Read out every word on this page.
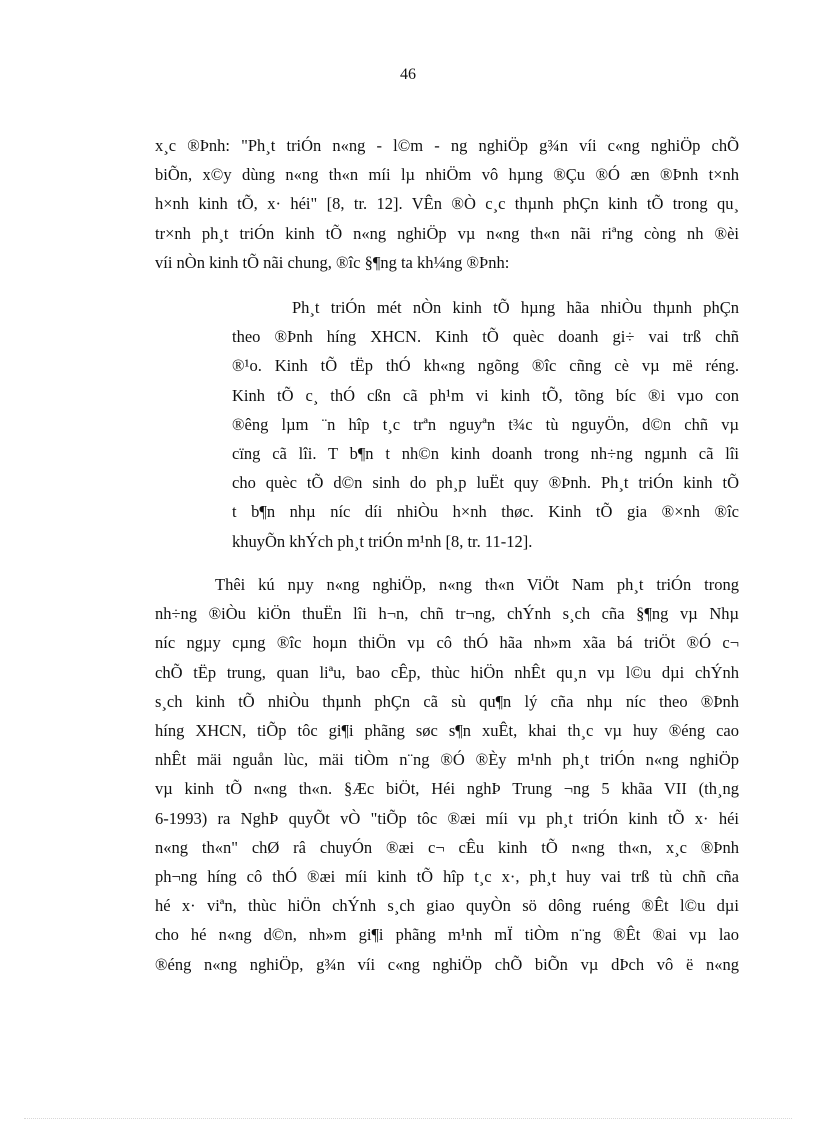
46
x¸c ®Þnh: "Ph¸t triÓn n«ng - l©m - ng nghiÖp g¾n víi c«ng nghiÖp chÕ
biÕn, x©y dùng n«ng th«n míi lµ nhiÖm vô hµng ®Çu ®Ó æn ®Þnh t×nh
h×nh kinh tÕ, x· héi" [8, tr. 12]. VÊn ®Ò c¸c thµnh phÇn kinh tÕ trong qu¸
tr×nh ph¸t triÓn kinh tÕ n«ng nghiÖp vµ n«ng th«n nãi riªng còng nh ®èi
víi nÒn kinh tÕ nãi chung, ®îc §¶ng ta kh¼ng ®Þnh:
Ph¸t triÓn mét nÒn kinh tÕ hµng hãa nhiÒu thµnh phÇn
theo ®Þnh híng XHCN. Kinh tÕ quèc doanh gi÷ vai trß chñ
®¹o. Kinh tÕ tËp thÓ kh«ng ngõng ®îc cñng cè vµ më réng.
Kinh tÕ c¸ thÓ cßn cã ph¹m vi kinh tÕ, tõng bíc ®i vµo con
®êng lµm ¨n hîp t¸c trªn nguyªn t¾c tù nguyÖn, d©n chñ vµ
cïng cã lîi. T b¶n t nh©n kinh doanh trong nh÷ng ngµnh cã lîi
cho quèc tÕ d©n sinh do ph¸p luËt quy ®Þnh. Ph¸t triÓn kinh tÕ
t b¶n nhµ níc díi nhiÒu h×nh thøc. Kinh tÕ gia ®×nh ®îc
khuyÕn khÝch ph¸t triÓn m¹nh [8, tr. 11-12].
Thêi kú nµy n«ng nghiÖp, n«ng th«n ViÖt Nam ph¸t triÓn trong
nh÷ng ®iÒu kiÖn thuËn lîi h¬n, chñ tr¬ng, chÝnh s¸ch cña §¶ng vµ Nhµ
níc ngµy cµng ®îc hoµn thiÖn vµ cô thÓ hãa nh»m xãa bá triÖt ®Ó c¬
chÕ tËp trung, quan liªu, bao cÊp, thùc hiÖn nhÊt qu¸n vµ l©u dµi chÝnh
s¸ch kinh tÕ nhiÒu thµnh phÇn cã sù qu¶n lý cña nhµ níc theo ®Þnh
híng XHCN, tiÕp tôc gi¶i phãng søc s¶n xuÊt, khai th¸c vµ huy ®éng cao
nhÊt mäi nguån lùc, mäi tiÒm n¨ng ®Ó ®Èy m¹nh ph¸t triÓn n«ng nghiÖp
vµ kinh tÕ n«ng th«n. §Æc biÖt, Héi nghÞ Trung ¬ng 5 khãa VII (th¸ng
6-1993) ra NghÞ quyÕt vÒ "tiÕp tôc ®æi míi vµ ph¸t triÓn kinh tÕ x· héi
n«ng th«n" chØ râ chuyÓn ®æi c¬ cÊu kinh tÕ n«ng th«n, x¸c ®Þnh
ph¬ng híng cô thÓ ®æi míi kinh tÕ hîp t¸c x·, ph¸t huy vai trß tù chñ cña
hé x· viªn, thùc hiÖn chÝnh s¸ch giao quyÒn sö dông ruéng ®Êt l©u dµi
cho hé n«ng d©n, nh»m gi¶i phãng m¹nh mÏ tiÒm n¨ng ®Êt ®ai vµ lao
®éng n«ng nghiÖp, g¾n víi c«ng nghiÖp chÕ biÕn vµ dÞch vô ë n«ng
